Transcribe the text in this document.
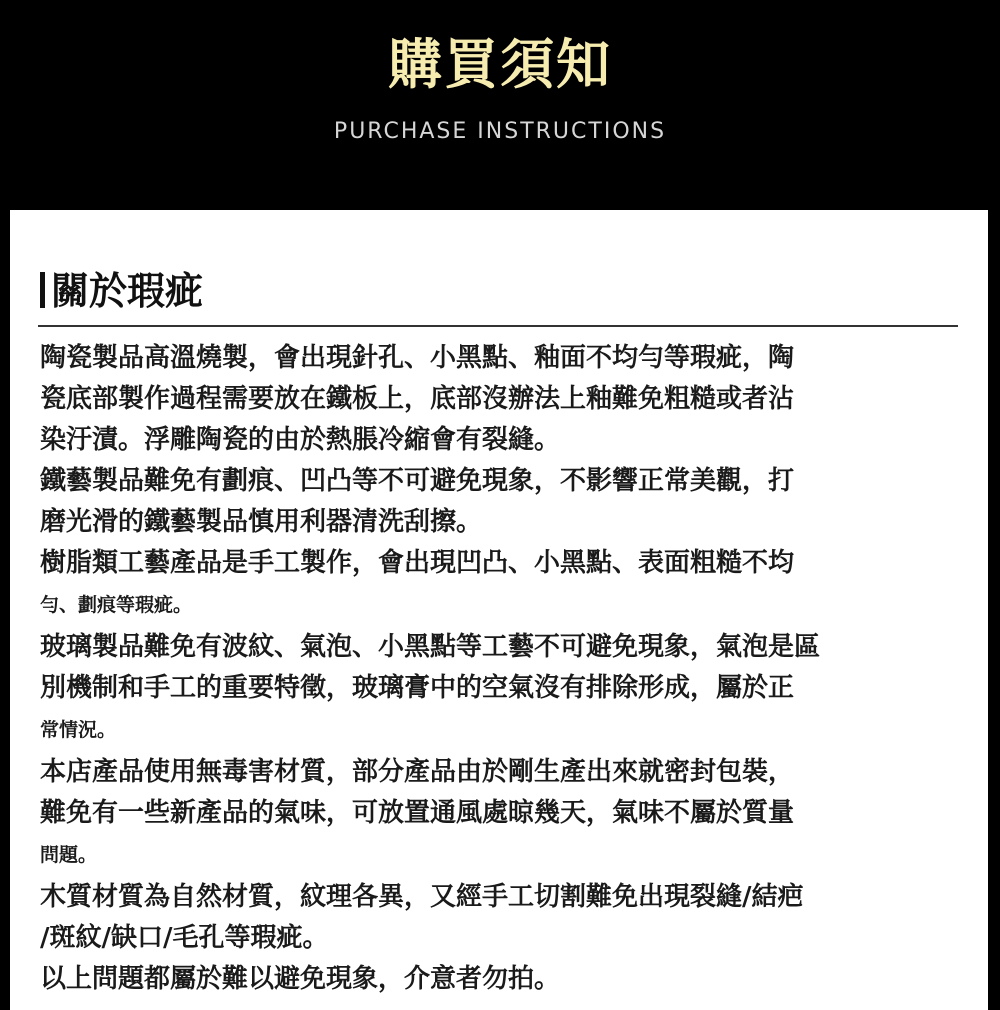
購買須知
PURCHASE INSTRUCTIONS
關於瑕疵
陶瓷製品高溫燒製，會出現針孔、小黑點、釉面不均勻等瑕疵，陶
瓷底部製作過程需要放在鐵板上，底部沒辦法上釉難免粗糙或者沾
染汙漬。浮雕陶瓷的由於熱脹冷縮會有裂縫。
鐵藝製品難免有劃痕、凹凸等不可避免現象，不影響正常美觀，打
磨光滑的鐵藝製品慎用利器清洗刮擦。
樹脂類工藝產品是手工製作，會出現凹凸、小黑點、表面粗糙不均
勻、劃痕等瑕疵。
玻璃製品難免有波紋、氣泡、小黑點等工藝不可避免現象，氣泡是區
別機制和手工的重要特徵，玻璃膏中的空氣沒有排除形成，屬於正
常情況。
本店產品使用無毒害材質，部分產品由於剛生產出來就密封包裝，
難免有一些新產品的氣味，可放置通風處晾幾天，氣味不屬於質量
問題。
木質材質為自然材質，紋理各異，又經手工切割難免出現裂縫/結疤
/斑紋/缺口/毛孔等瑕疵。
以上問題都屬於難以避免現象，介意者勿拍。
